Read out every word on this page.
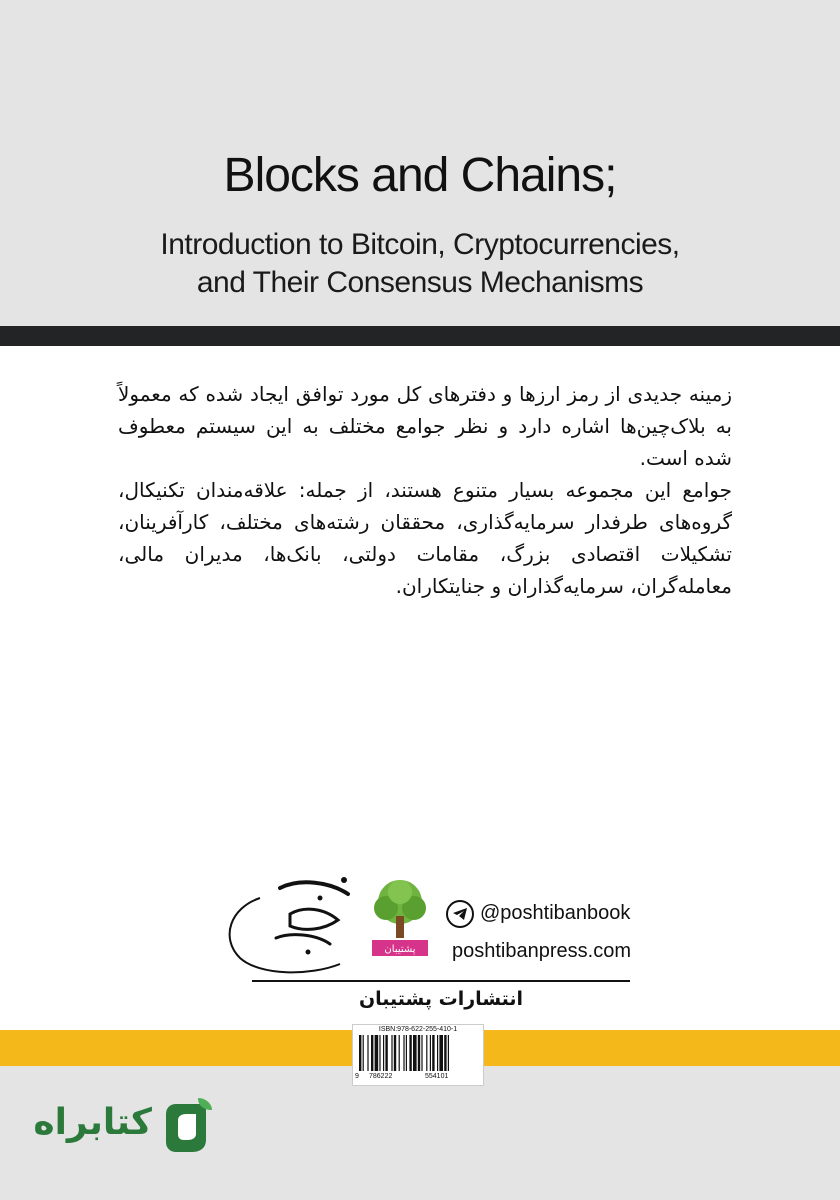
Blocks and Chains;
Introduction to Bitcoin, Cryptocurrencies,
and Their Consensus Mechanisms

زمینه جدیدی از رمز ارزها و دفترهای کل مورد توافق ایجاد شده که معمولاً به بلاک‌چین‌ها اشاره دارد و نظر جوامع مختلف به این سیستم معطوف شده است.

جوامع این مجموعه بسیار متنوع هستند، از جمله: علاقه‌مندان تکنیکال، گروه‌های طرفدار سرمایه‌گذاری، محققان رشته‌های مختلف، کارآفرینان، تشکیلات اقتصادی بزرگ، مقامات دولتی، بانک‌ها، مدیران مالی، معامله‌گران، سرمایه‌گذاران و جنایتکاران.

انتشارات پشتیبان
پشتیبان
@poshtibanbook
poshtibanpress.com
انتشارات پشتیبان
ISBN:978-622-255-410-1
9 786222	554101
کتابراه
